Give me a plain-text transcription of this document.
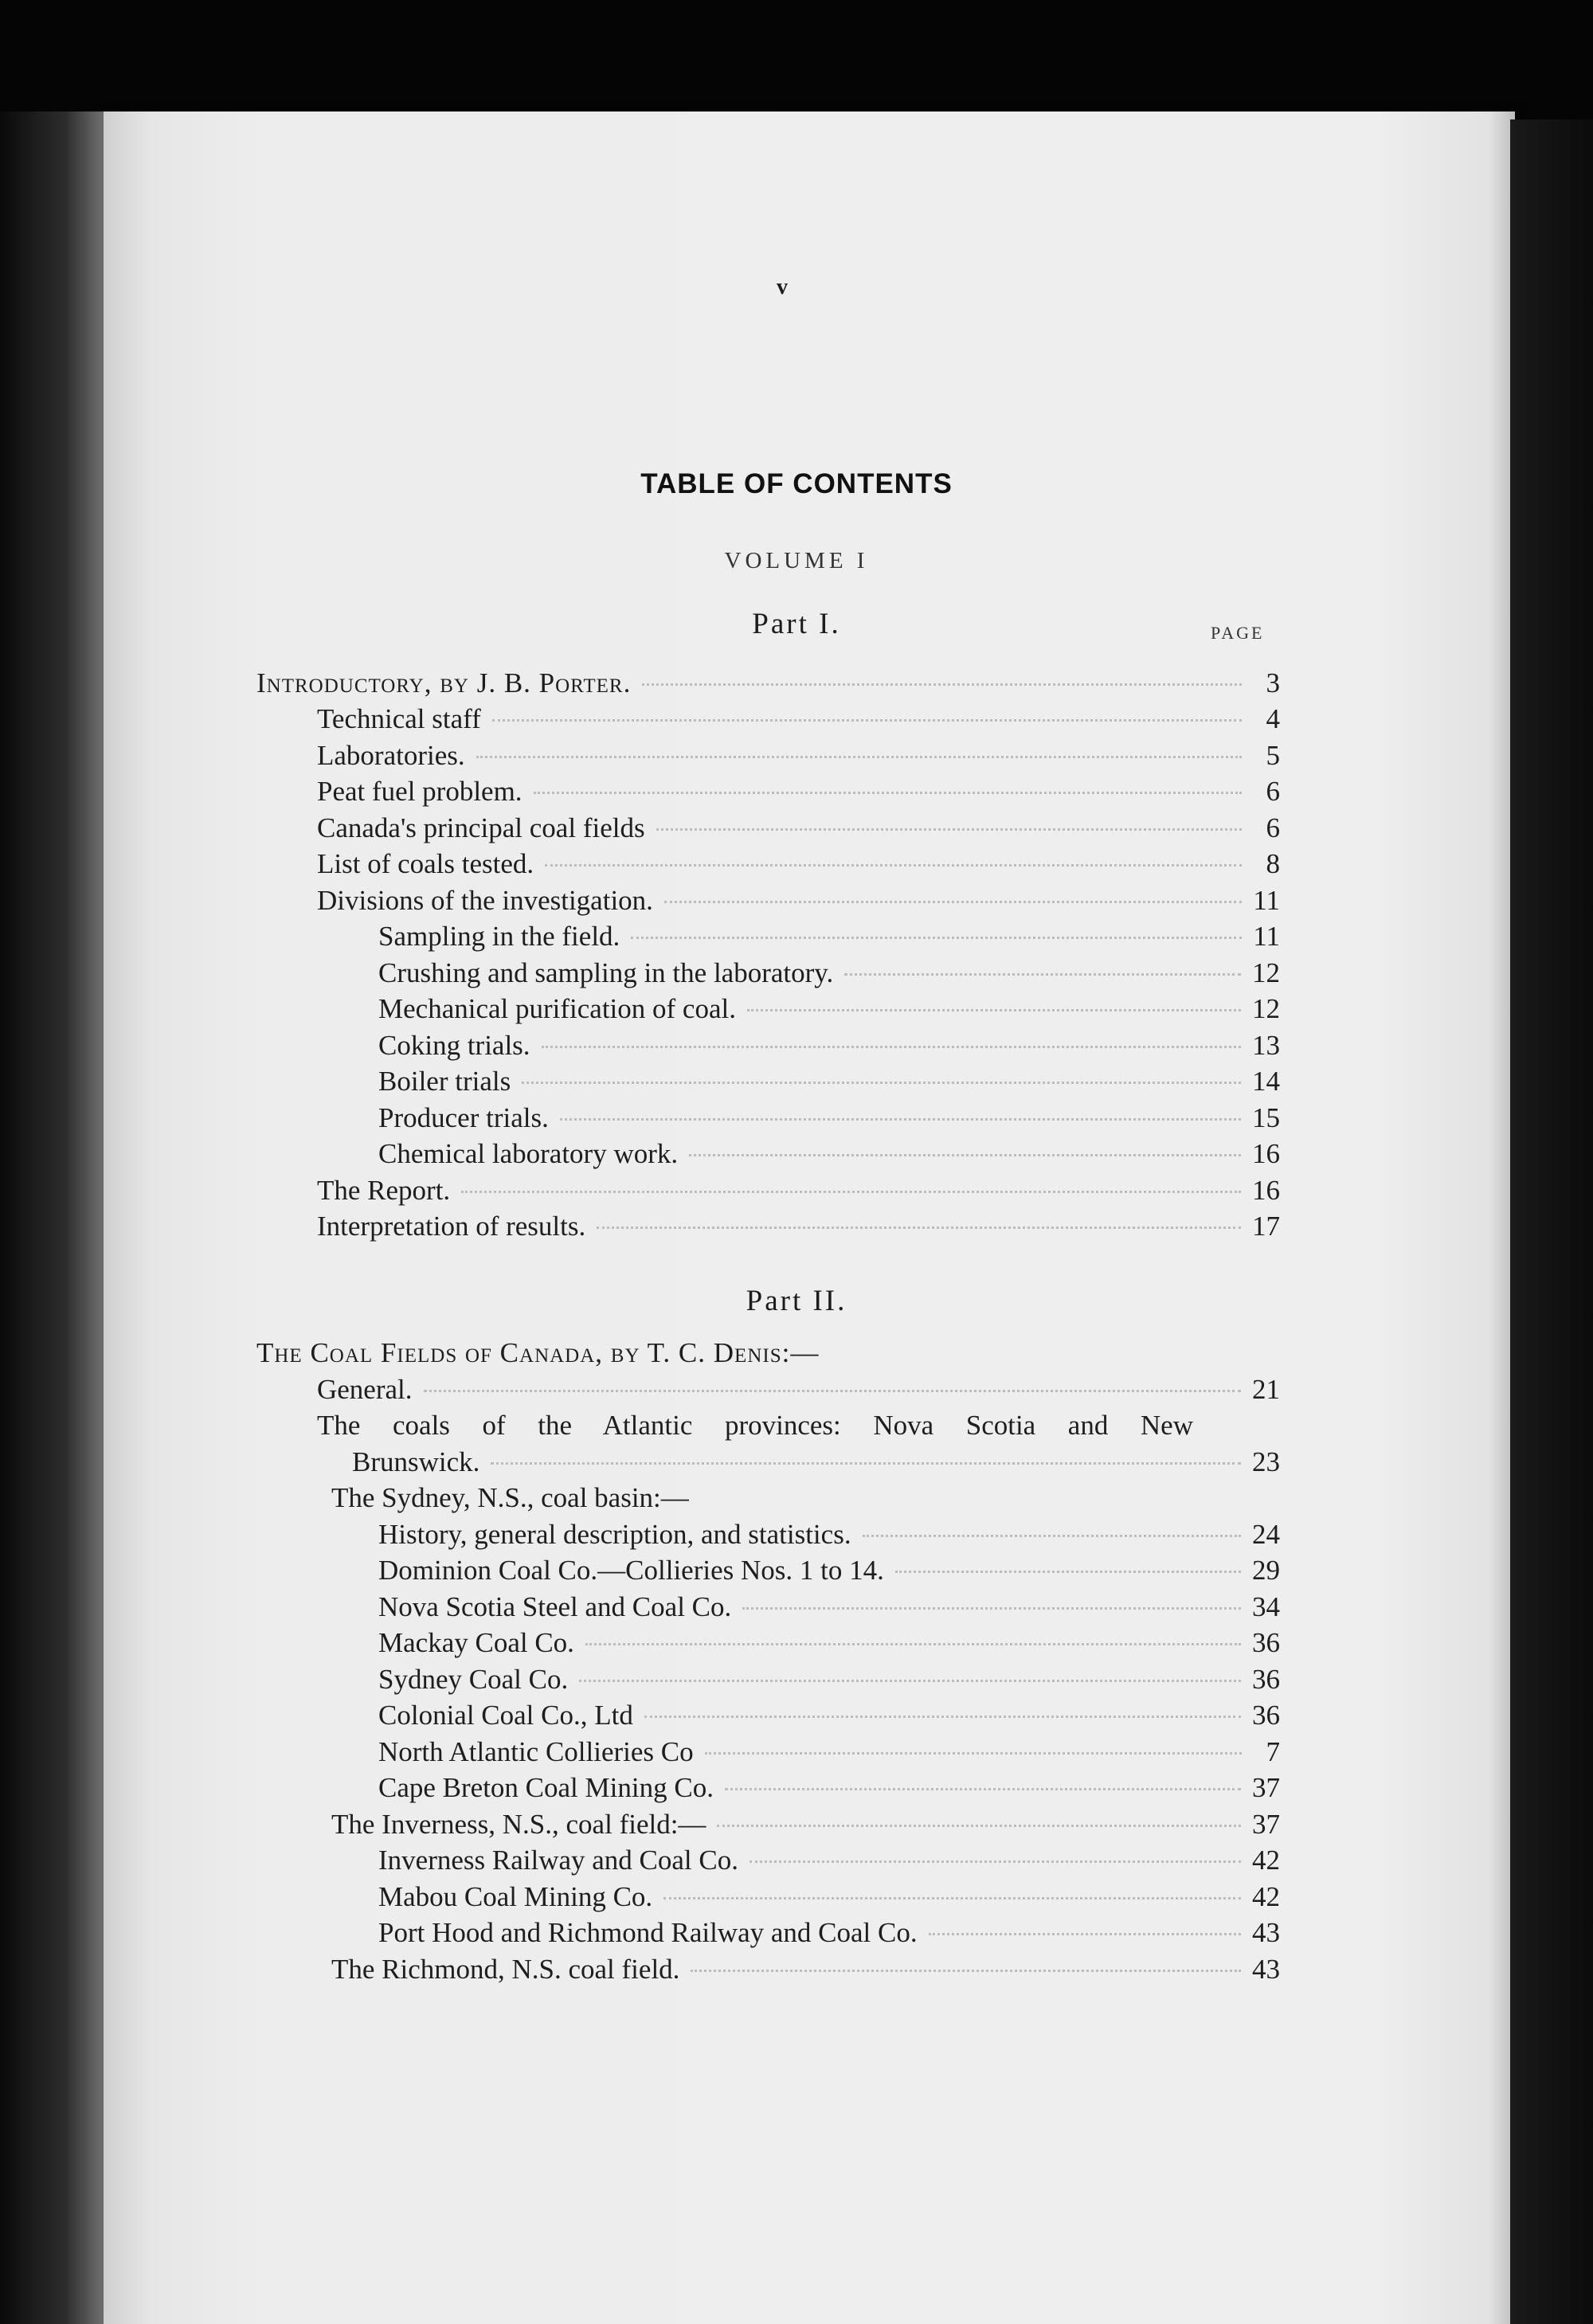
v
TABLE OF CONTENTS
VOLUME I
Part I.	PAGE
Introductory, by J. B. Porter.	3
Technical staff	4
Laboratories.	5
Peat fuel problem.	6
Canada's principal coal fields	6
List of coals tested.	8
Divisions of the investigation.	11
Sampling in the field.	11
Crushing and sampling in the laboratory.	12
Mechanical purification of coal.	12
Coking trials.	13
Boiler trials	14
Producer trials.	15
Chemical laboratory work.	16
The Report.	16
Interpretation of results.	17
Part II.
The Coal Fields of Canada, by T. C. Denis:—
General.	21
The coals of the Atlantic provinces: Nova Scotia and New
Brunswick.	23
The Sydney, N.S., coal basin:—
History, general description, and statistics.	24
Dominion Coal Co.—Collieries Nos. 1 to 14.	29
Nova Scotia Steel and Coal Co.	34
Mackay Coal Co.	36
Sydney Coal Co.	36
Colonial Coal Co., Ltd	36
North Atlantic Collieries Co	7
Cape Breton Coal Mining Co.	37
The Inverness, N.S., coal field:—	37
Inverness Railway and Coal Co.	42
Mabou Coal Mining Co.	42
Port Hood and Richmond Railway and Coal Co.	43
The Richmond, N.S. coal field.	43
